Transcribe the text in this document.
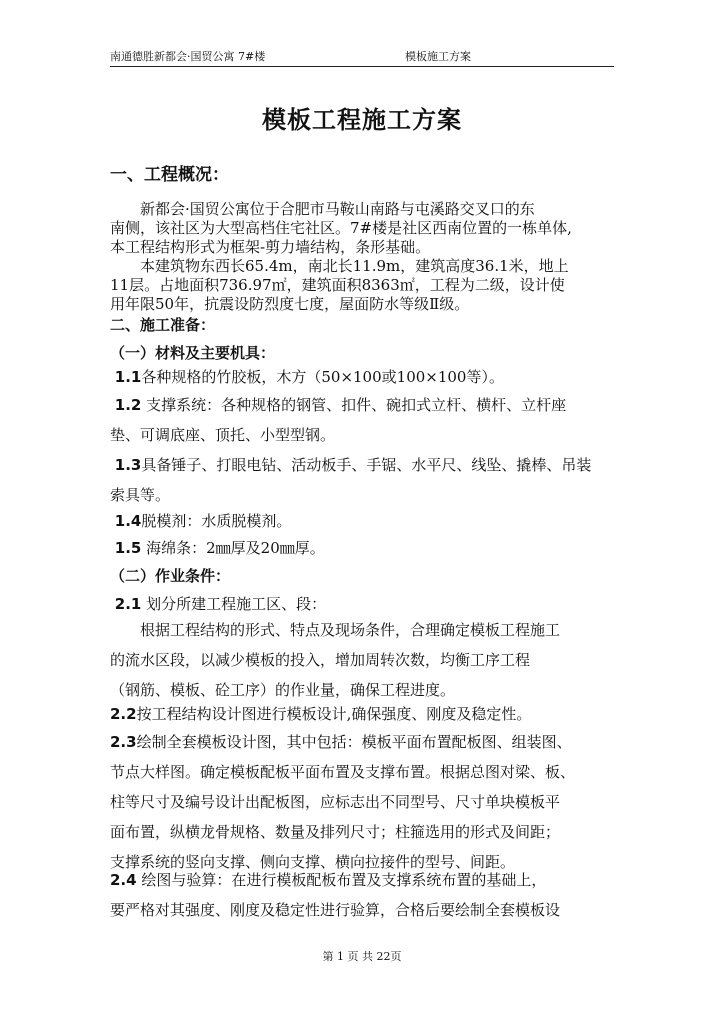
南通德胜新都会·国贸公寓 7#楼	模板施工方案
模板工程施工方案
一、工程概况：
  新都会·国贸公寓位于合肥市马鞍山南路与屯溪路交叉口的东
南侧，该社区为大型高档住宅社区。7#楼是社区西南位置的一栋单体,
本工程结构形式为框架-剪力墙结构，条形基础。
  本建筑物东西长65.4m，南北长11.9m，建筑高度36.1米，地上
11层。占地面积736.97㎡，建筑面积8363㎡，工程为二级，设计使
用年限50年，抗震设防烈度七度，屋面防水等级Ⅱ级。
二、施工准备：
（一）材料及主要机具：
1.1各种规格的竹胶板，木方（50×100或100×100等）。
1.2 支撑系统：各种规格的钢管、扣件、碗扣式立杆、横杆、立杆座
垫、可调底座、顶托、小型型钢。
1.3具备锤子、打眼电钻、活动板手、手锯、水平尺、线坠、撬棒、吊装
索具等。
1.4脱模剂：水质脱模剂。
1.5 海绵条：2㎜厚及20㎜厚。
（二）作业条件：
2.1 划分所建工程施工区、段：
  根据工程结构的形式、特点及现场条件，合理确定模板工程施工
的流水区段，以减少模板的投入，增加周转次数，均衡工序工程
（钢筋、模板、砼工序）的作业量，确保工程进度。
2.2按工程结构设计图进行模板设计,确保强度、刚度及稳定性。
2.3绘制全套模板设计图，其中包括：模板平面布置配板图、组装图、
节点大样图。确定模板配板平面布置及支撑布置。根据总图对梁、板、
柱等尺寸及编号设计出配板图，应标志出不同型号、尺寸单块模板平
面布置，纵横龙骨规格、数量及排列尺寸；柱箍选用的形式及间距；
支撑系统的竖向支撑、侧向支撑、横向拉接件的型号、间距。
2.4 绘图与验算：在进行模板配板布置及支撑系统布置的基础上，
要严格对其强度、刚度及稳定性进行验算，合格后要绘制全套模板设
第 1 页 共 22页
